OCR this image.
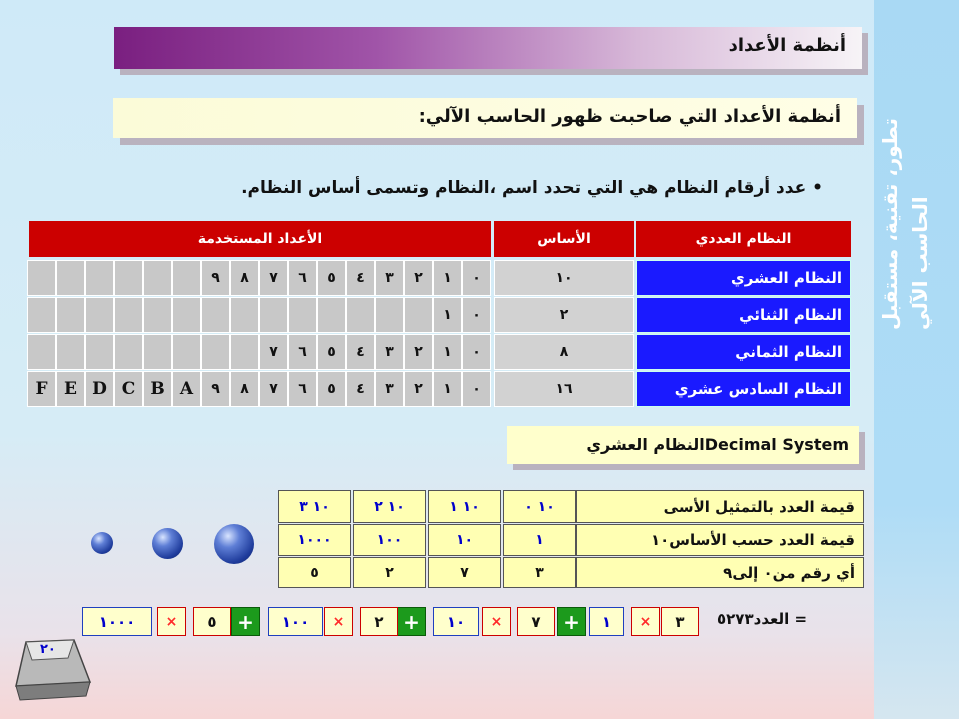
تطور، تقنية، مستقبل الحاسب الآلي
أنظمة الأعداد
أنظمة الأعداد التي صاحبت ظهور الحاسب الآلي:
• عدد أرقام النظام هي التي تحدد اسم ،النظام وتسمى أساس النظام.
النظام العددي
الأساس
الأعداد المستخدمة
النظام العشري
١٠
٠
١
٢
٣
٤
٥
٦
٧
٨
٩
النظام الثنائي
٢
٠
١
النظام الثماني
٨
٠
١
٢
٣
٤
٥
٦
٧
النظام السادس عشري
١٦
٠
١
٢
٣
٤
٥
٦
٧
٨
٩
A
B
C
D
E
F
النظام العشريDecimal System
قيمة العدد بالتمثيل الأسى
١٠ ٠
١٠ ١
١٠ ٢
١٠ ٣
قيمة العدد حسب الأساس١٠
١
١٠
١٠٠
١٠٠٠
أي رقم من٠ إلى٩
٣
٧
٢
٥
٣
×
١
+
٧
×
١٠
+
٢
×
١٠٠
+
٥
×
١٠٠٠	العدد٥٢٧٣ =
٢٠
